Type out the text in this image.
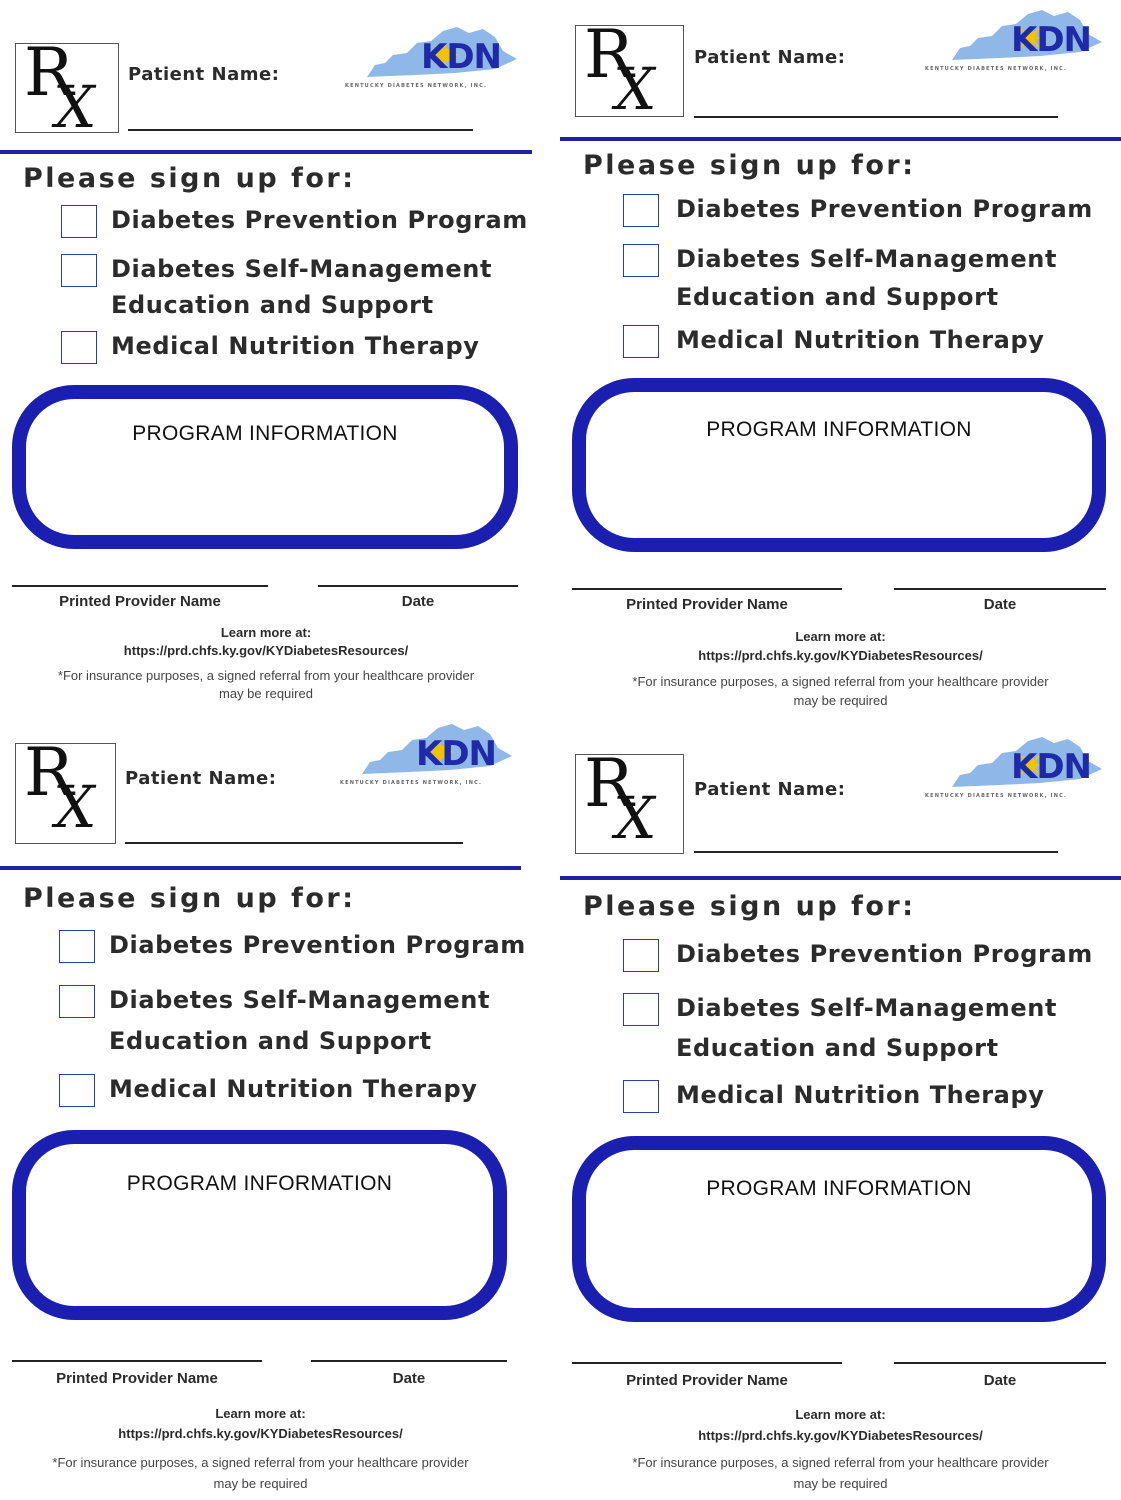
R
X Patient Name:	KDN
KENTUCKY DIABETES NETWORK, INC.
Please sign up for:
Diabetes Prevention Program
Diabetes Self-Management
Education and Support
Medical Nutrition Therapy
PROGRAM INFORMATION
Printed Provider Name	Date
Learn more at:
https://prd.chfs.ky.gov/KYDiabetesResources/
*For insurance purposes, a signed referral from your healthcare provider
may be required
R
X Patient Name:	KDN
KENTUCKY DIABETES NETWORK, INC.
Please sign up for:
Diabetes Prevention Program
Diabetes Self-Management
Education and Support
Medical Nutrition Therapy
PROGRAM INFORMATION
Printed Provider Name	Date
Learn more at:
https://prd.chfs.ky.gov/KYDiabetesResources/
*For insurance purposes, a signed referral from your healthcare provider
may be required
R
X Patient Name:
KDN
KENTUCKY DIABETES NETWORK, INC.
Please sign up for:
Diabetes Prevention Program
Diabetes Self-Management
Education and Support
Medical Nutrition Therapy
PROGRAM INFORMATION
Printed Provider Name	Date
Learn more at:
https://prd.chfs.ky.gov/KYDiabetesResources/
*For insurance purposes, a signed referral from your healthcare provider
may be required
R
X Patient Name:
KDN
KENTUCKY DIABETES NETWORK, INC.
Please sign up for:
Diabetes Prevention Program
Diabetes Self-Management
Education and Support
Medical Nutrition Therapy
PROGRAM INFORMATION
Printed Provider Name	Date
Learn more at:
https://prd.chfs.ky.gov/KYDiabetesResources/
*For insurance purposes, a signed referral from your healthcare provider
may be required
